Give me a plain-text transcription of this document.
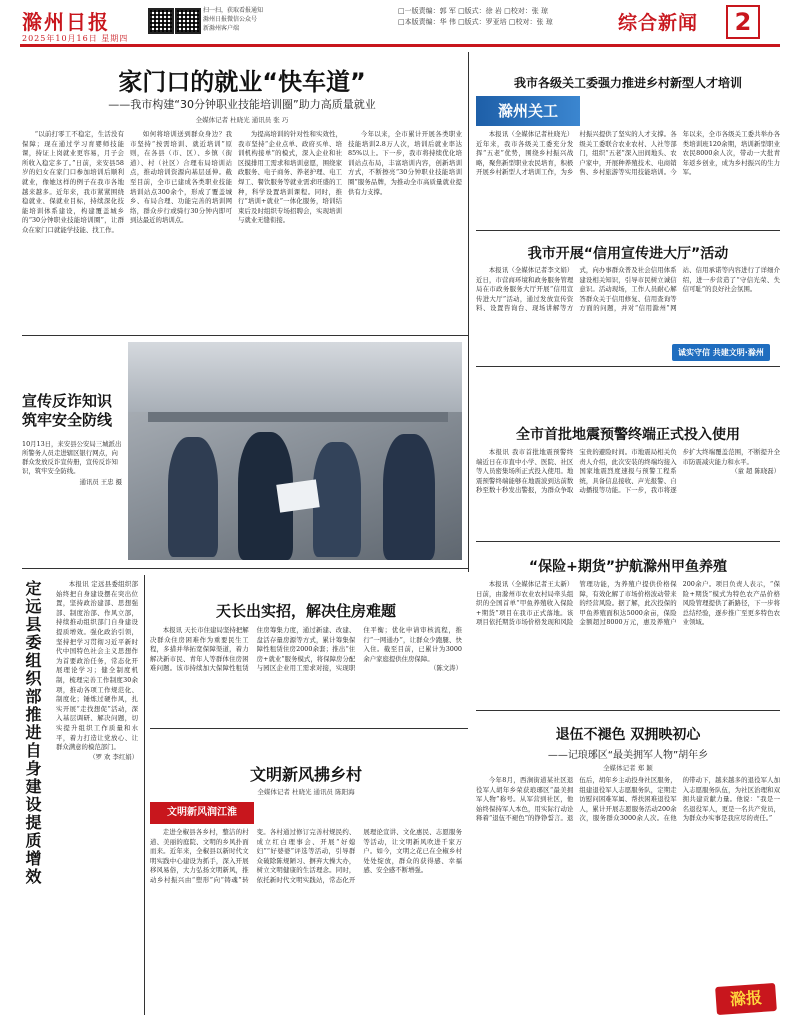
滁州日报
2025年10月16日 星期四
扫一扫，获取看报通知
滁州日报微信公众号
新滁州客户端
□一版责编：郭 军 □版式：徐 岩 □校对：张 琼
□本版责编：华 伟 □版式：罗亚培 □校对：张 琼	综合新闻	2
家门口的就业“快车道”
——我市构建“30分钟职业技能培训圈”助力高质量就业
全媒体记者 杜晓光 通讯员 张 巧

“以前打零工不稳定，生活没有保障；现在通过学习育婴师技能课，持证上岗就业更容易，月子会所收入稳定多了。”日前，来安县58岁的妇女在家门口参加培训后顺利就业，像她这样的例子在我市各地越来越多。近年来，我市紧紧围绕稳就业、保就业目标，持续深化技能培训体系建设，构建覆盖城乡的“30分钟职业技能培训圈”，让群众在家门口就能学技能、找工作。

如何将培训送到群众身边？我市坚持“按需培训、就近培训”原则，在各县（市、区）、乡镇（街道）、村（社区）合理布局培训站点，推动培训资源向基层延伸。截至目前，全市已建成各类职业技能培训站点300余个，形成了覆盖城乡、布局合理、功能完善的培训网络，群众步行或骑行30分钟内即可到达最近的培训点。

为提高培训的针对性和实效性，我市坚持“企业点单、政府买单、培训机构接单”的模式，深入企业和社区摸排用工需求和培训意愿，围绕家政服务、电子商务、养老护理、电工焊工、餐饮服务等就业需求旺盛的工种，科学设置培训课程。同时，推行“培训+就业”一体化服务，培训结束后及时组织专场招聘会，实现培训与就业无缝衔接。

今年以来，全市累计开展各类职业技能培训2.8万人次，培训后就业率达85%以上。下一步，我市将持续优化培训站点布局，丰富培训内容，创新培训方式，不断擦亮“30分钟职业技能培训圈”服务品牌，为推动全市高质量就业提供有力支撑。

宣传反诈知识 筑牢安全防线
10月13日，来安县公安局三城派出所警务人员走进辖区银行网点，向群众发放反诈宣传册，宣传反诈知识，筑牢安全防线。
通讯员 王忠 摄
定远县委组织部推进自身建设提质增效	本报讯 定远县委组织部始终把自身建设摆在突出位置，坚持政治建部、思想强部、制度治部、作风立部，持续推动组织部门自身建设提质增效。强化政治引领，坚持把学习贯彻习近平新时代中国特色社会主义思想作为首要政治任务，常态化开展理论学习；健全制度机制，梳理完善工作制度30余项，推动各项工作规范化、制度化；锤炼过硬作风，扎实开展“走找想促”活动，深入基层调研、解决问题，切实提升组织工作质量和水平，着力打造让党放心、让群众满意的模范部门。

（罗 欢 李红娟）
天长出实招，解决住房难题

本报讯 天长市住建局坚持把解决群众住房困难作为重要民生工程，多措并举拓宽保障渠道，着力解决新市民、青年人等群体住房困难问题。该市持续加大保障性租赁住房筹集力度，通过新建、改建、盘活存量房源等方式，累计筹集保障性租赁住房2000余套；推出“住房+就业”服务模式，将保障房分配与园区企业用工需求对接，实现职住平衡；优化申请审核流程，推行“一网通办”，让群众少跑腿、快入住。截至目前，已累计为3000余户家庭提供住房保障。

（陈文涛）
文明新风拂乡村
全媒体记者 杜晓光 通讯员 陈阳海
文明新风润江淮

走进全椒县各乡村，整洁的村道、美丽的庭院、文明的乡风扑面而来。近年来，全椒县以新时代文明实践中心建设为抓手，深入开展移风易俗，大力弘扬文明新风，推动乡村振兴由“塑形”向“铸魂”转变。各村通过修订完善村规民约、成立红白理事会、开展“好媳妇”“好婆婆”评选等活动，引导群众破除陈规陋习、摒弃大操大办，树立文明健康的生活理念。同时，依托新时代文明实践站，常态化开展理论宣讲、文化惠民、志愿服务等活动，让文明新风吹进千家万户。如今，文明之花已在全椒乡村处处绽放，群众的获得感、幸福感、安全感不断增强。

我市各级关工委强力推进乡村新型人才培训
滁州关工

本报讯（全媒体记者杜晓光）近年来，我市各级关工委充分发挥“五老”优势，围绕乡村振兴战略，聚焦新型职业农民培育，积极开展乡村新型人才培训工作，为乡村振兴提供了坚实的人才支撑。各级关工委联合农业农村、人社等部门，组织“五老”深入田间地头、农户家中，开展种养殖技术、电商销售、乡村旅游等实用技能培训。今年以来，全市各级关工委共举办各类培训班120余期，培训新型职业农民8000余人次，带动一大批青年返乡创业，成为乡村振兴的生力军。

我市开展“信用宣传进大厅”活动

本报讯（全媒体记者李文娟）近日，市营商环境和政务服务管理局在市政务服务大厅开展“信用宣传进大厅”活动，通过发放宣传资料、设置咨询台、现场讲解等方式，向办事群众普及社会信用体系建设相关知识，引导市民树立诚信意识。活动现场，工作人员耐心解答群众关于信用修复、信用查询等方面的问题，并对“信用滁州”网站、信用承诺等内容进行了详细介绍，进一步营造了“守信光荣、失信可耻”的良好社会氛围。

诚实守信 共建文明·滁州
全市首批地震预警终端正式投入使用

本报讯 我市首批地震预警终端近日在市直中小学、医院、社区等人员密集场所正式投入使用。地震预警终端能够在地震波到达前数秒至数十秒发出警报，为群众争取宝贵的避险时间。市地震局相关负责人介绍，此次安装的终端均接入国家地震烈度速报与预警工程系统，具备信息接收、声光报警、自动播报等功能。下一步，我市将逐步扩大终端覆盖范围，不断提升全市防震减灾能力和水平。

（童 超 陈晓磊）
“保险+期货”护航滁州甲鱼养殖

本报讯（全媒体记者王太新）日前，由滁州市农业农村局牵头组织的全国首单“甲鱼养殖收入保险+期货”项目在我市正式落地。该项目依托期货市场价格发现和风险管理功能，为养殖户提供价格保障，有效化解了市场价格波动带来的经营风险。据了解，此次投保的甲鱼养殖面积达5000余亩，保险金额超过8000万元，惠及养殖户200余户。项目负责人表示，“保险+期货”模式为特色农产品价格风险管理提供了新路径，下一步将总结经验，逐步推广至更多特色农业领域。

退伍不褪色 双拥映初心
——记琅琊区“最美拥军人物”胡年乡
全媒体记者 郑 颖

今年8月，西涧街道某社区退役军人胡年乡荣获琅琊区“最美拥军人物”称号。从军营到社区，他始终保持军人本色，用实际行动诠释着“退伍不褪色”的铮铮誓言。退伍后，胡年乡主动投身社区服务，组建退役军人志愿服务队，定期走访慰问困难军属、帮扶困难退役军人，累计开展志愿服务活动200余次，服务群众3000余人次。在他的带动下，越来越多的退役军人加入志愿服务队伍，为社区治理和双拥共建贡献力量。他说：“我是一名退役军人，更是一名共产党员，为群众办实事是我应尽的责任。”

滁报
